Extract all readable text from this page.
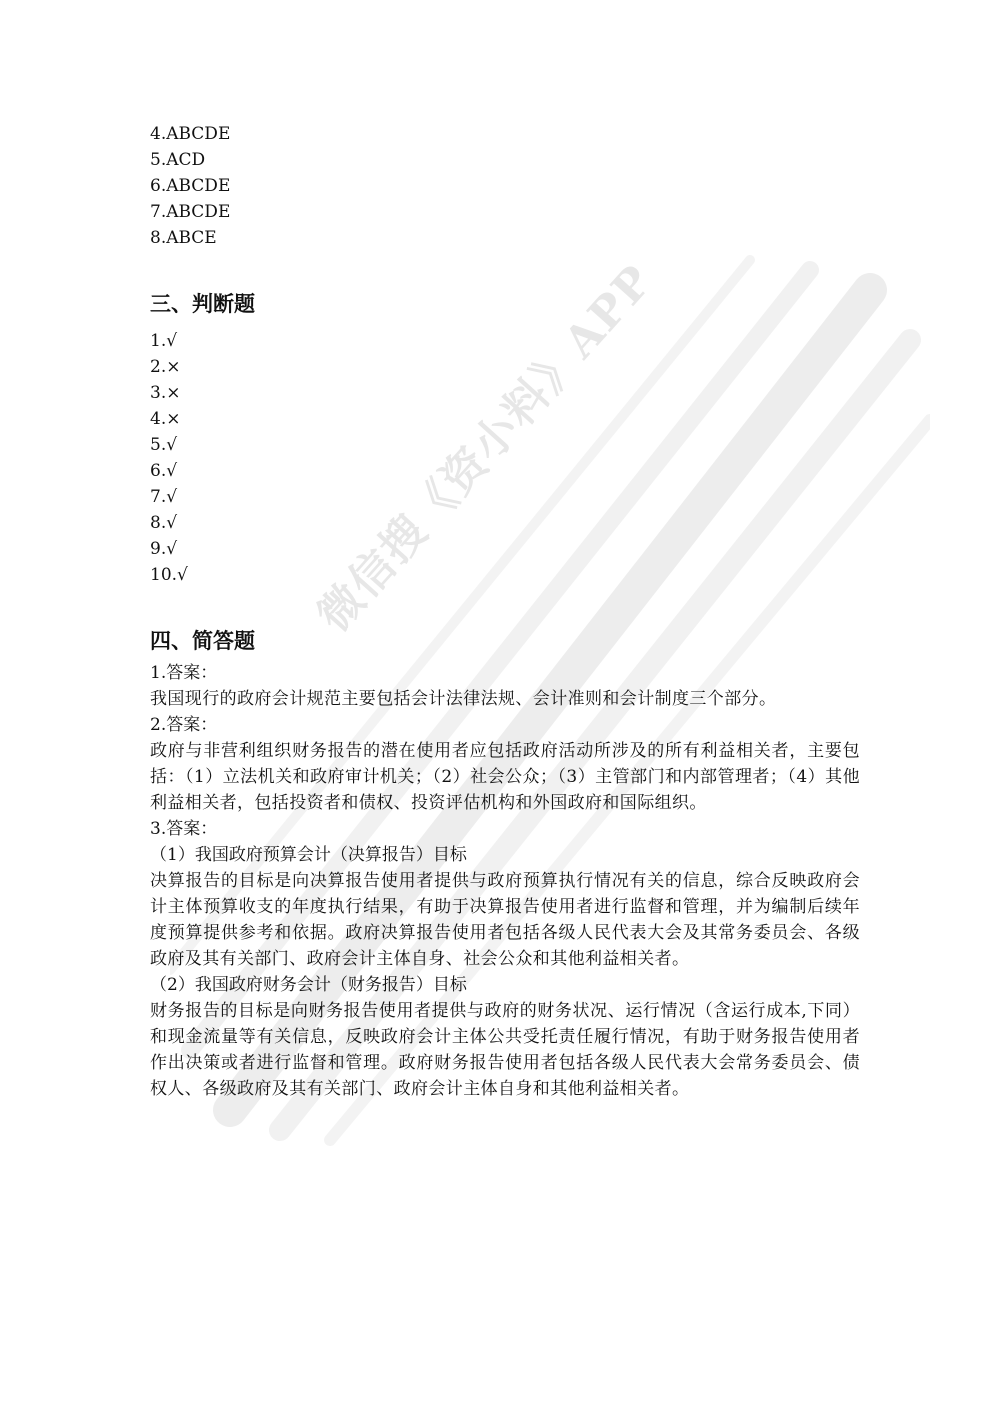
微信搜《资小料》APP
4.ABCDE
5.ACD
6.ABCDE
7.ABCDE
8.ABCE
三、判断题
1.√
2.×
3.×
4.×
5.√
6.√
7.√
8.√
9.√
10.√
四、简答题
1.答案：
我国现行的政府会计规范主要包括会计法律法规、会计准则和会计制度三个部分。
2.答案：
政府与非营利组织财务报告的潜在使用者应包括政府活动所涉及的所有利益相关者，主要包括：（1）立法机关和政府审计机关；（2）社会公众；（3）主管部门和内部管理者；（4）其他利益相关者，包括投资者和债权、投资评估机构和外国政府和国际组织。
3.答案：
（1）我国政府预算会计（决算报告）目标
决算报告的目标是向决算报告使用者提供与政府预算执行情况有关的信息，综合反映政府会计主体预算收支的年度执行结果，有助于决算报告使用者进行监督和管理，并为编制后续年度预算提供参考和依据。政府决算报告使用者包括各级人民代表大会及其常务委员会、各级政府及其有关部门、政府会计主体自身、社会公众和其他利益相关者。
（2）我国政府财务会计（财务报告）目标
财务报告的目标是向财务报告使用者提供与政府的财务状况、运行情况（含运行成本,下同）和现金流量等有关信息，反映政府会计主体公共受托责任履行情况，有助于财务报告使用者作出决策或者进行监督和管理。政府财务报告使用者包括各级人民代表大会常务委员会、债权人、各级政府及其有关部门、政府会计主体自身和其他利益相关者。
